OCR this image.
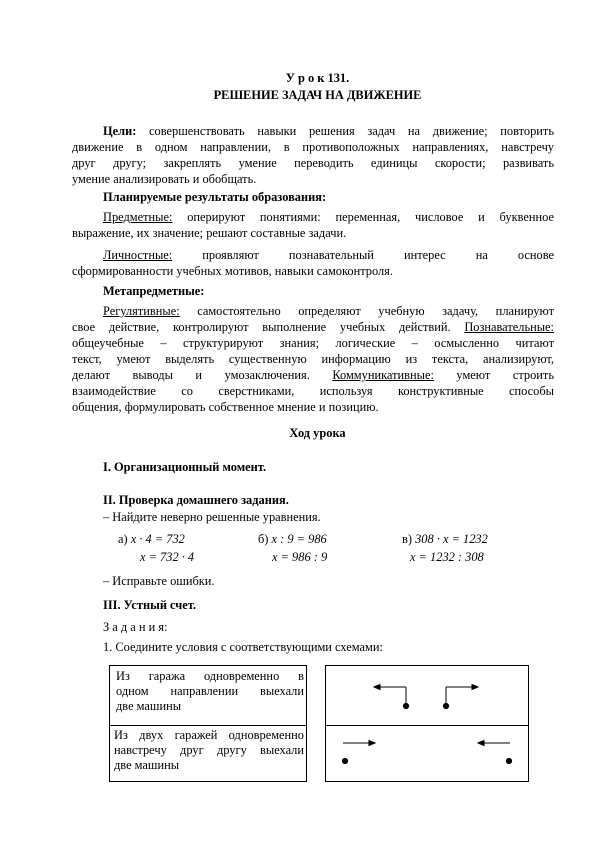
У р о к 131.
РЕШЕНИЕ ЗАДАЧ НА ДВИЖЕНИЕ
Цели: совершенствовать навыки решения задач на движение; повторить
движение в одном направлении, в противоположных направлениях, навстречу
друг другу; закреплять умение переводить единицы скорости; развивать
умение анализировать и обобщать.
Планируемые результаты образования:
Предметные: оперируют понятиями: переменная, числовое и буквенное
выражение, их значение; решают составные задачи.
Личностные: проявляют познавательный интерес на основе
сформированности учебных мотивов, навыки самоконтроля.
Метапредметные:
Регулятивные: самостоятельно определяют учебную задачу, планируют
свое действие, контролируют выполнение учебных действий. Познавательные:
общеучебные – структурируют знания; логические – осмысленно читают
текст, умеют выделять существенную информацию из текста, анализируют,
делают выводы и умозаключения. Коммуникативные: умеют строить
взаимодействие со сверстниками, используя конструктивные способы
общения, формулировать собственное мнение и позицию.
Ход урока
I. Организационный момент.
II. Проверка домашнего задания.
– Найдите неверно решенные уравнения.
а) x · 4 = 732
x = 732 · 4
б) x : 9 = 986
x = 986 : 9
в) 308 · x = 1232
x = 1232 : 308
– Исправьте ошибки.
III. Устный счет.
З а д а н и я:
1. Соедините условия с соответствующими схемами:
Из гаража одновременно в
одном направлении выехали
две машины
Из двух гаражей одновременно
навстречу друг другу выехали
две машины
